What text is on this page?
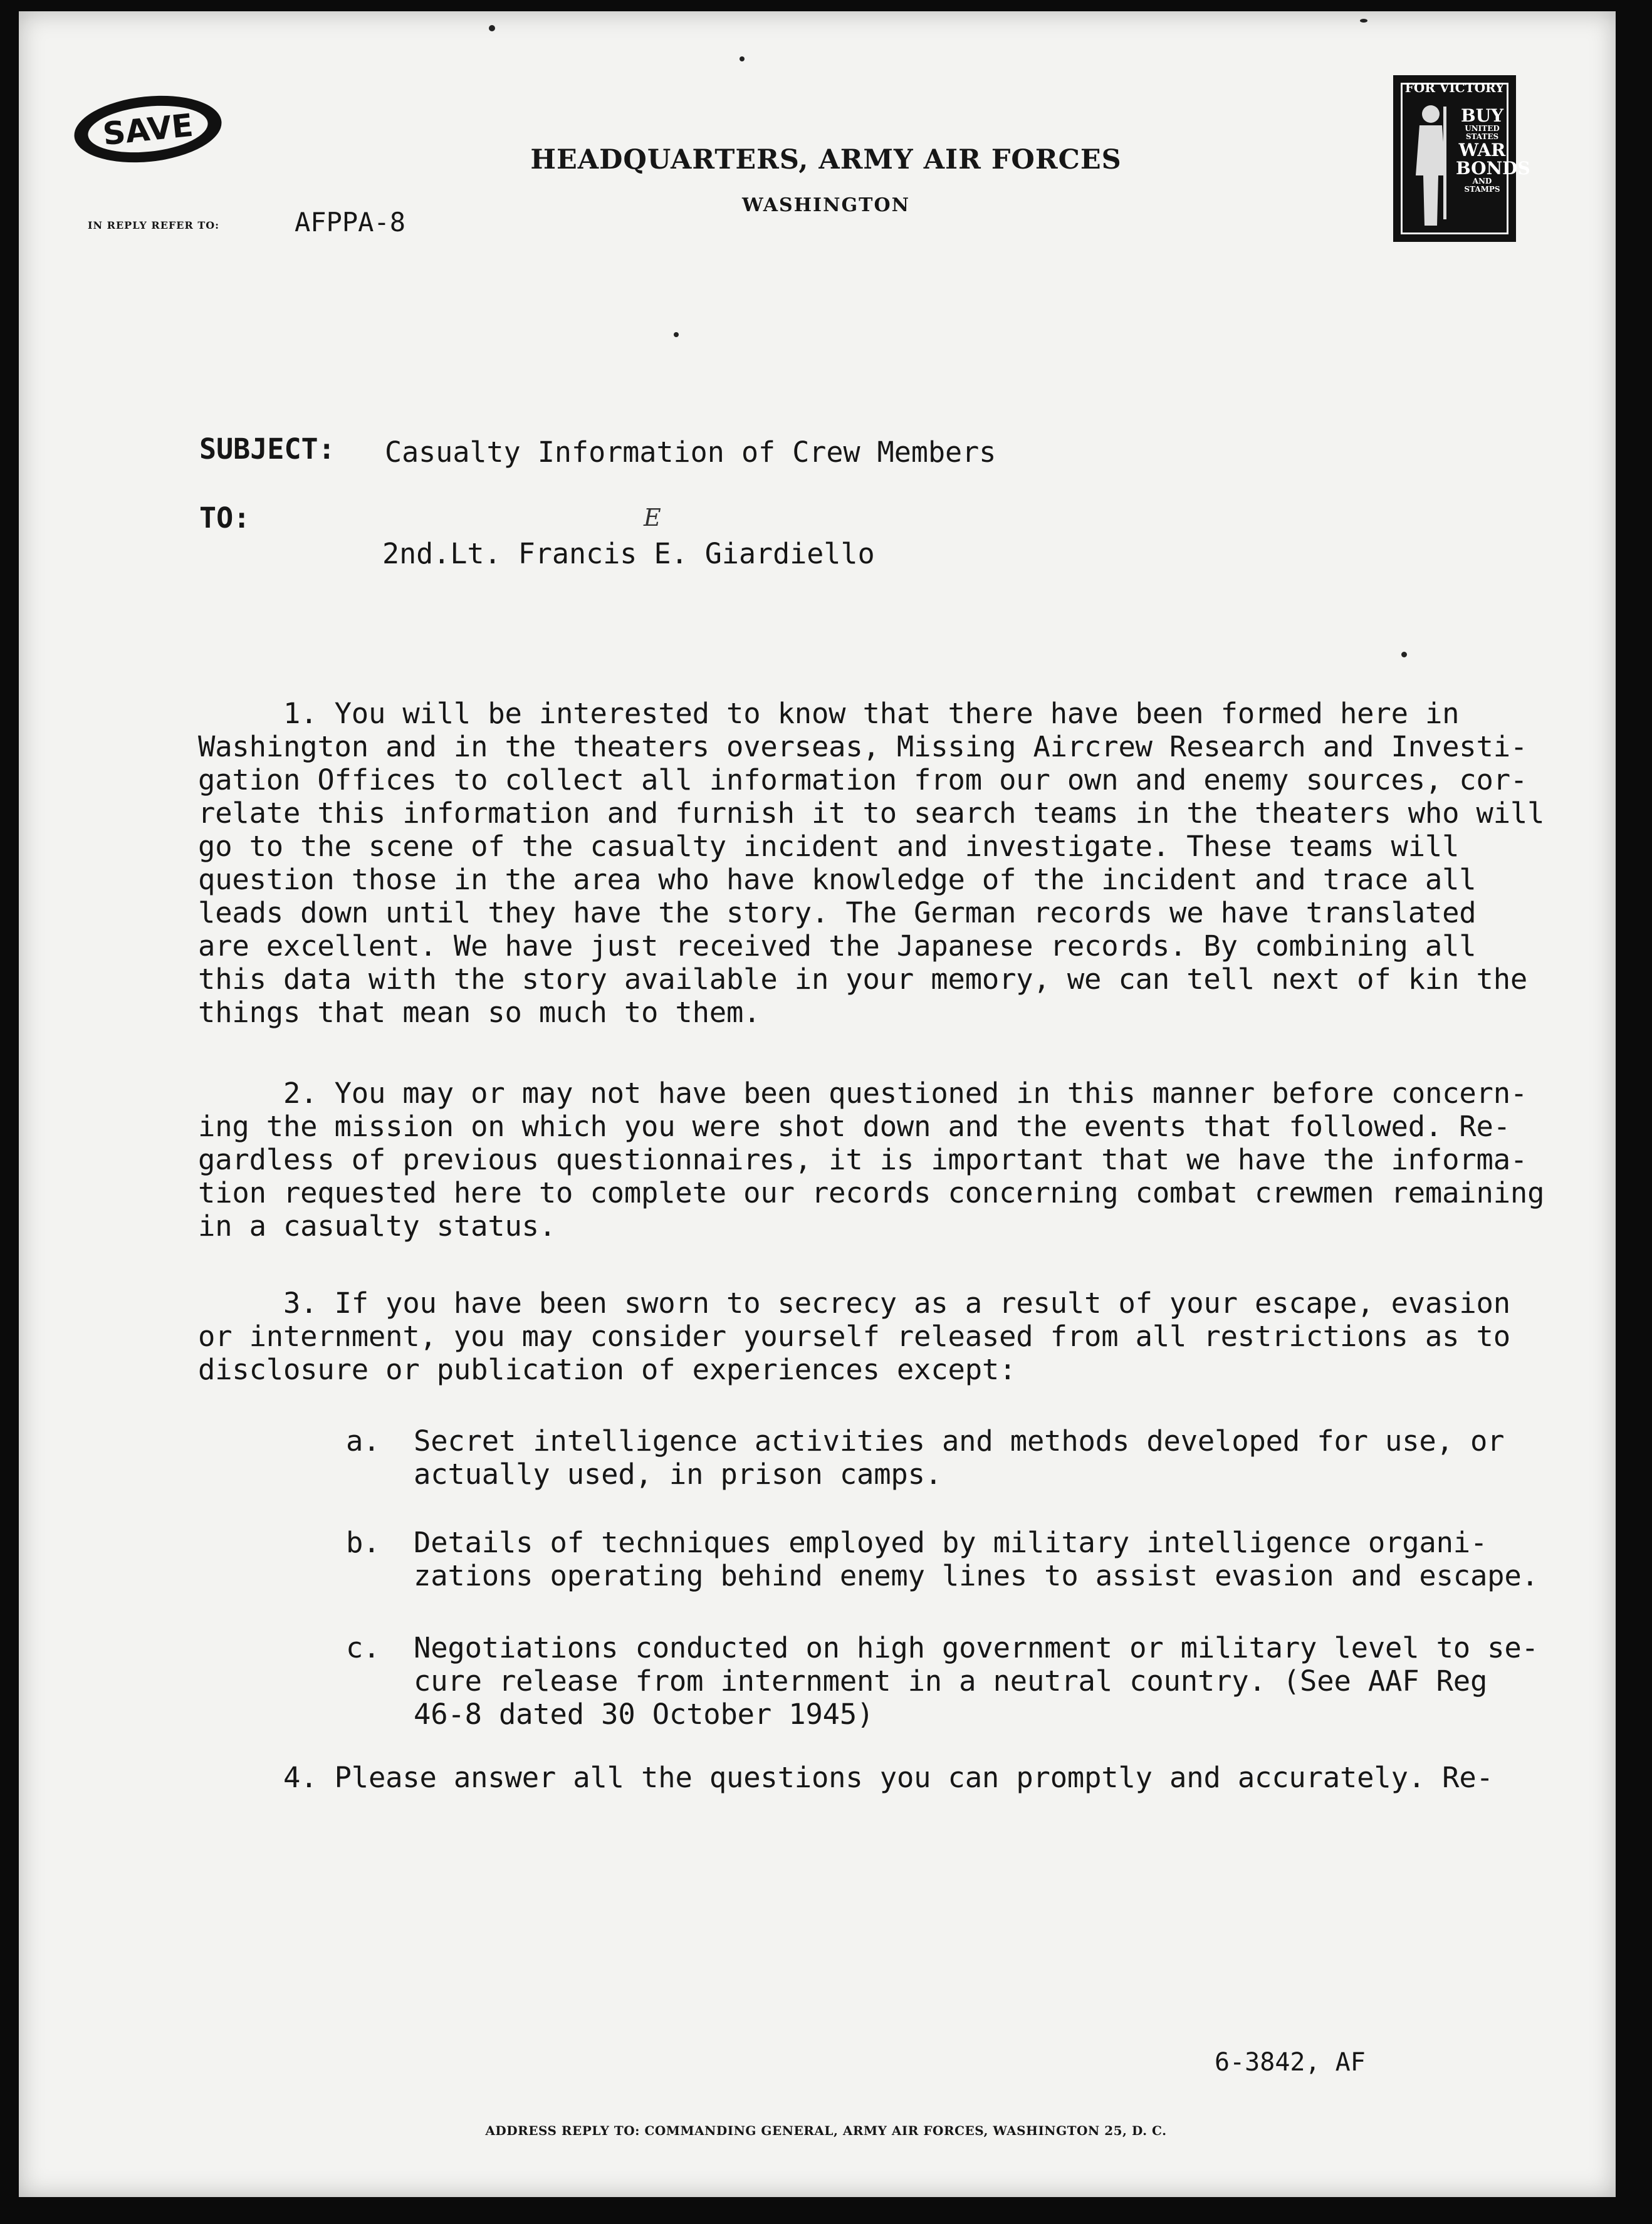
SAVE
FOR VICTORY
BUY
UNITED STATES
WAR
BONDS
AND STAMPS
HEADQUARTERS, ARMY AIR FORCES
WASHINGTON
IN REPLY REFER TO:	AFPPA-8
SUBJECT: Casualty Information of Crew Members
TO:
2nd.Lt. Francis E. Giardiello
E
1. You will be interested to know that there have been formed here in
Washington and in the theaters overseas, Missing Aircrew Research and Investi-
gation Offices to collect all information from our own and enemy sources, cor-
relate this information and furnish it to search teams in the theaters who will
go to the scene of the casualty incident and investigate. These teams will
question those in the area who have knowledge of the incident and trace all
leads down until they have the story. The German records we have translated
are excellent. We have just received the Japanese records. By combining all
this data with the story available in your memory, we can tell next of kin the
things that mean so much to them.
2. You may or may not have been questioned in this manner before concern-
ing the mission on which you were shot down and the events that followed. Re-
gardless of previous questionnaires, it is important that we have the informa-
tion requested here to complete our records concerning combat crewmen remaining
in a casualty status.
3. If you have been sworn to secrecy as a result of your escape, evasion
or internment, you may consider yourself released from all restrictions as to
disclosure or publication of experiences except:
a. Secret intelligence activities and methods developed for use, or
actually used, in prison camps.
b. Details of techniques employed by military intelligence organi-
zations operating behind enemy lines to assist evasion and escape.
c. Negotiations conducted on high government or military level to se-
cure release from internment in a neutral country. (See AAF Reg
46-8 dated 30 October 1945)
4. Please answer all the questions you can promptly and accurately. Re-
6-3842, AF
ADDRESS REPLY TO: COMMANDING GENERAL, ARMY AIR FORCES, WASHINGTON 25, D. C.
